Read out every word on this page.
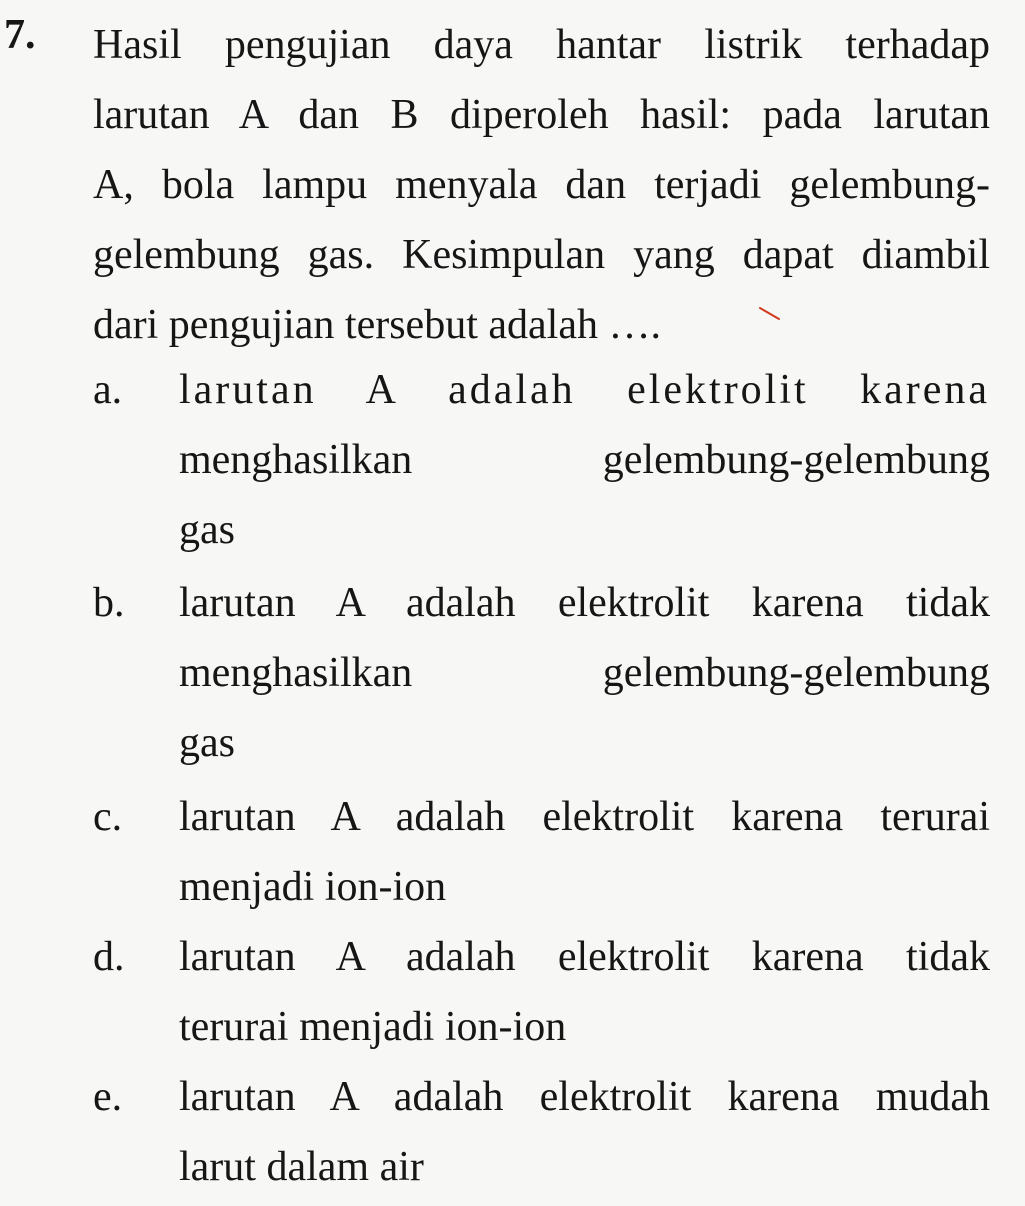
7. Hasil pengujian daya hantar listrik terhadap
larutan A dan B diperoleh hasil: pada larutan
A, bola lampu menyala dan terjadi gelembung-
gelembung gas. Kesimpulan yang dapat diambil
dari pengujian tersebut adalah ….
a. larutan A adalah elektrolit karena
menghasilkan gelembung-gelembung
gas
b. larutan A adalah elektrolit karena tidak
menghasilkan gelembung-gelembung
gas
c. larutan A adalah elektrolit karena terurai
menjadi ion-ion
d. larutan A adalah elektrolit karena tidak
terurai menjadi ion-ion
e. larutan A adalah elektrolit karena mudah
larut dalam air
